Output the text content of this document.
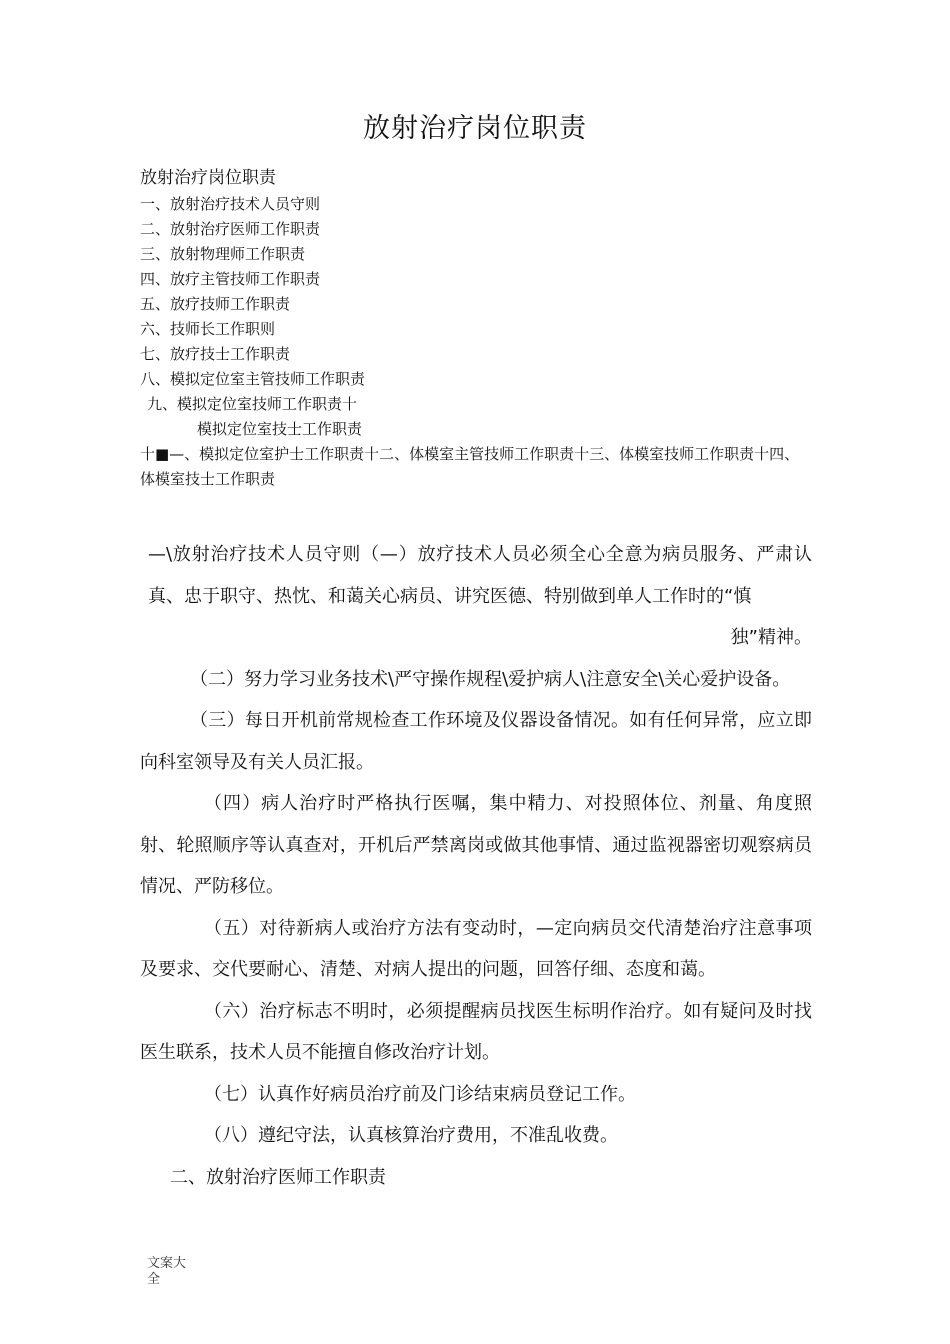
放射治疗岗位职责
放射治疗岗位职责
一、放射治疗技术人员守则
二、放射治疗医师工作职责
三、放射物理师工作职责
四、放疗主管技师工作职责
五、放疗技师工作职责
六、技师长工作职则
七、放疗技士工作职责
八、模拟定位室主管技师工作职责
九、模拟定位室技师工作职责十
模拟定位室技士工作职责
十■—、模拟定位室护士工作职责十二、体模室主管技师工作职责十三、体模室技师工作职责十四、体模室技士工作职责
—\放射治疗技术人员守则（—）放疗技术人员必须全心全意为病员服务、严肃认真、忠于职守、热忱、和蔼关心病员、讲究医德、特别做到单人工作时的“慎
独”精神。
（二）努力学习业务技术\严守操作规程\爱护病人\注意安全\关心爱护设备。
（三）每日开机前常规检查工作环境及仪器设备情况。如有任何异常，应立即向科室领导及有关人员汇报。
（四）病人治疗时严格执行医嘱，集中精力、对投照体位、剂量、角度照射、轮照顺序等认真查对，开机后严禁离岗或做其他事情、通过监视器密切观察病员情况、严防移位。
（五）对待新病人或治疗方法有变动时，—定向病员交代清楚治疗注意事项及要求、交代要耐心、清楚、对病人提出的问题，回答仔细、态度和蔼。
（六）治疗标志不明时，必须提醒病员找医生标明作治疗。如有疑问及时找医生联系，技术人员不能擅自修改治疗计划。
（七）认真作好病员治疗前及门诊结束病员登记工作。
（八）遵纪守法，认真核算治疗费用，不准乱收费。
二、放射治疗医师工作职责
文案大全
